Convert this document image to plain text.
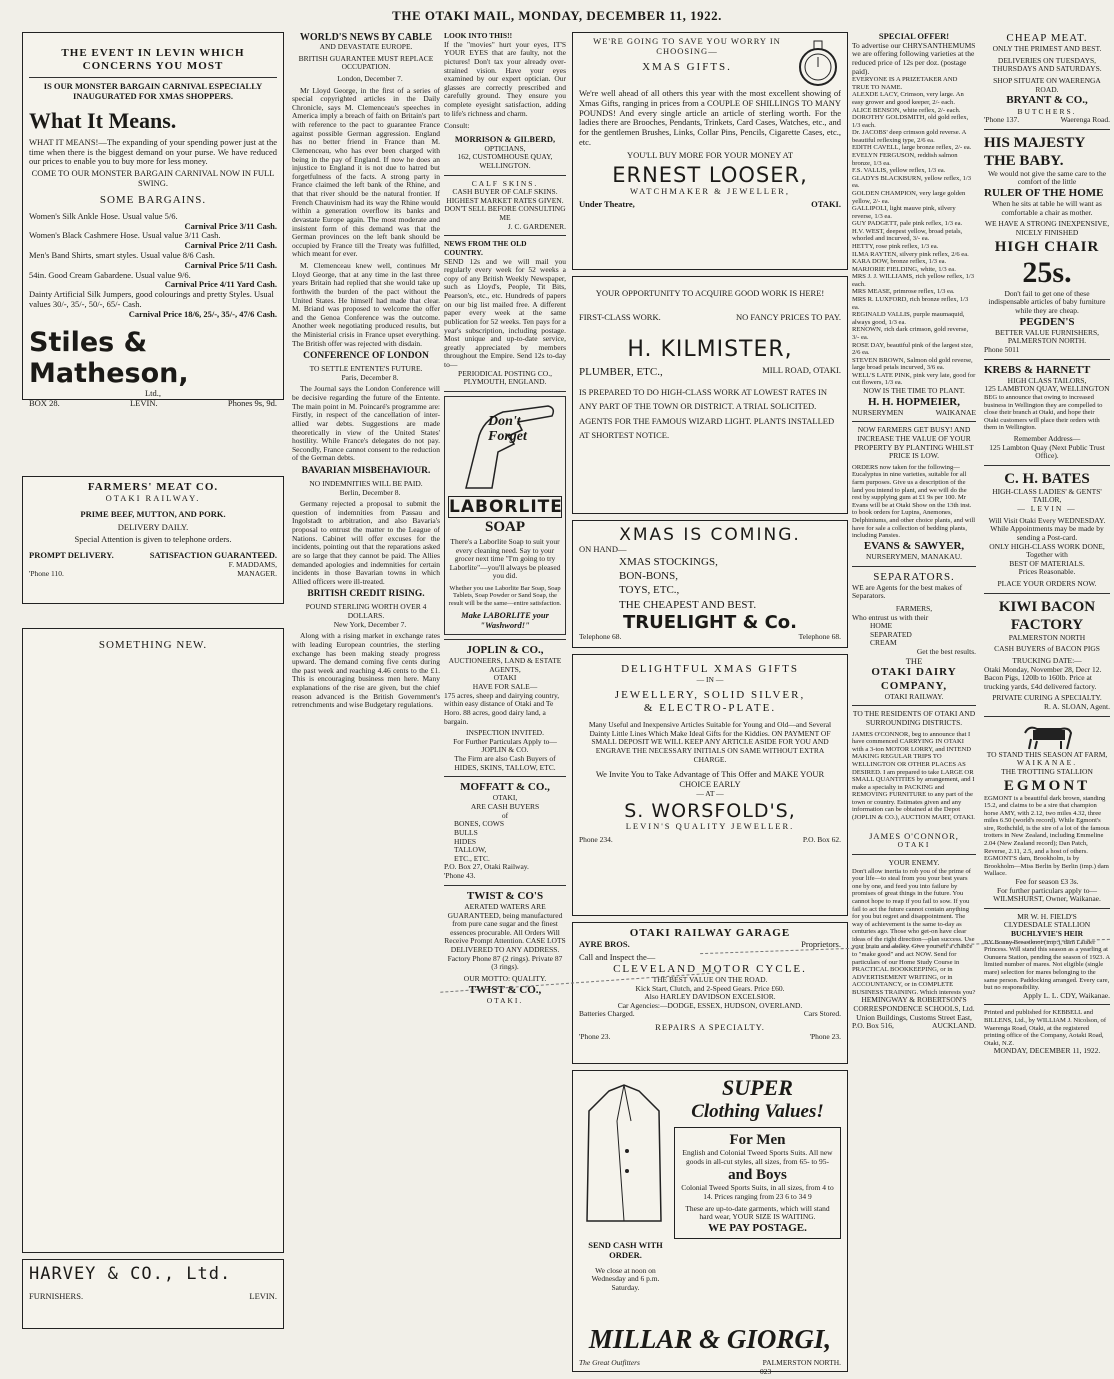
THE OTAKI MAIL, MONDAY, DECEMBER 11, 1922.
THE EVENT IN LEVIN WHICH CONCERNS YOU MOST
IS OUR MONSTER BARGAIN CARNIVAL ESPECIALLY INAUGURATED FOR XMAS SHOPPERS.
What It Means.
WHAT IT MEANS!—The expanding of your spending power just at the time when there is the biggest demand on your purse. We have reduced our prices to enable you to buy more for less money.
COME TO OUR MONSTER BARGAIN CARNIVAL NOW IN FULL SWING.
SOME BARGAINS.
Women's Silk Ankle Hose. Usual value 5/6.
Carnival Price 3/11 Cash.
Women's Black Cashmere Hose. Usual value 3/11 Cash.
Carnival Price 2/11 Cash.
Men's Band Shirts, smart styles. Usual value 8/6 Cash.
Carnival Price 5/11 Cash.
54in. Good Cream Gabardene. Usual value 9/6.
Carnival Price 4/11 Yard Cash.
Dainty Artificial Silk Jumpers, good colourings and pretty Styles. Usual values 30/-, 35/-, 50/-, 65/- Cash.
Carnival Price 18/6, 25/-, 35/-, 47/6 Cash.
Stiles & Matheson,
Ltd.,
BOX 28.	LEVIN.	Phones 9s, 9d.
FARMERS' MEAT CO.
OTAKI RAILWAY.
PRIME BEEF, MUTTON, AND PORK.
DELIVERY DAILY.
Special Attention is given to telephone orders.
PROMPT DELIVERY.	SATISFACTION GUARANTEED.
F. MADDAMS,
'Phone 110.	MANAGER.
SOMETHING NEW.
HARVEY & CO., Ltd.
FURNISHERS.	LEVIN.
WORLD'S NEWS BY CABLE
AND DEVASTATE EUROPE.
BRITISH GUARANTEE MUST REPLACE OCCUPATION.

London, December 7.

Mr Lloyd George, in the first of a series of special copyrighted articles in the Daily Chronicle, says M. Clemenceau's speeches in America imply a breach of faith on Britain's part with reference to the pact to guarantee France against possible German aggression. England has no better friend in France than M. Clemenceau, who has ever been charged with being in the pay of England. If now he does an injustice to England it is not due to hatred but forgetfulness of the facts. A strong party in France claimed the left bank of the Rhine, and that that river should be the natural frontier. If French Chauvinism had its way the Rhine would within a generation overflow its banks and devastate Europe again. The most moderate and insistent form of this demand was that the German provinces on the left bank should be occupied by France till the Treaty was fulfilled, which meant for ever.

M. Clemenceau knew well, continues Mr Lloyd George, that at any time in the last three years Britain had replied that she would take up forthwith the burden of the pact without the United States. He himself had made that clear. M. Briand was proposed to welcome the offer and the Genoa Conference was the outcome. Another week negotiating produced results, but the Ministerial crisis in France upset everything. The British offer was rejected with disdain.

CONFERENCE OF LONDON
TO SETTLE ENTENTE'S FUTURE.

Paris, December 8.

The Journal says the London Conference will be decisive regarding the future of the Entente. The main point in M. Poincaré's programme are: Firstly, in respect of the cancellation of inter-allied war debts. Suggestions are made theoretically in view of the United States' hostility. While France's delegates do not pay. Secondly, France cannot consent to the reduction of the German debts.

BAVARIAN MISBEHAVIOUR.
NO INDEMNITIES WILL BE PAID.

Berlin, December 8.

Germany rejected a proposal to submit the question of indemnities from Passau and Ingolstadt to arbitration, and also Bavaria's proposal to entrust the matter to the League of Nations. Cabinet will offer excuses for the incidents, pointing out that the reparations asked are so large that they cannot be paid. The Allies demanded apologies and indemnities for certain incidents in those Bavarian towns in which Allied officers were ill-treated.

BRITISH CREDIT RISING.
POUND STERLING WORTH OVER 4 DOLLARS.

New York, December 7.

Along with a rising market in exchange rates with leading European countries, the sterling exchange has been making steady progress upward. The demand coming five cents during the past week and reaching 4.46 cents to the £1. This is encouraging business men here. Many explanations of the rise are given, but the chief reason advanced is the British Government's retrenchments and wise Budgetary regulations.

LOOK INTO THIS!!
If the "movies" hurt your eyes, IT'S YOUR EYES that are faulty, not the pictures! Don't tax your already over-strained vision. Have your eyes examined by our expert optician. Our glasses are correctly prescribed and carefully ground. They ensure you complete eyesight satisfaction, adding to life's richness and charm.
Consult:
MORRISON & GILBERD,
OPTICIANS,
162, CUSTOMHOUSE QUAY,
WELLINGTON.
CALF SKINS.
CASH BUYER OF CALF SKINS. HIGHEST MARKET RATES GIVEN. DON'T SELL BEFORE CONSULTING ME
J. C. GARDENER.
NEWS FROM THE OLD COUNTRY.
SEND 12s and we will mail you regularly every week for 52 weeks a copy of any British Weekly Newspaper, such as Lloyd's, People, Tit Bits, Pearson's, etc., etc. Hundreds of papers on our big list mailed free. A different paper every week at the same publication for 52 weeks. Ten pays for a year's subscription, including postage. Most unique and up-to-date service, greatly appreciated by members throughout the Empire. Send 12s to-day to—
PERIODICAL POSTING CO., PLYMOUTH, ENGLAND.
Don't Forget
LABORLITE
SOAP
There's a Laborlite Soap to suit your every cleaning need. Say to your grocer next time "I'm going to try Laborlite"—you'll always be pleased you did.
Whether you use Laborlite Bar Soap, Soap Tablets, Soap Powder or Sand Soap, the result will be the same—entire satisfaction.
Make LABORLITE your "Washword!"
JOPLIN & CO.,
AUCTIONEERS, LAND & ESTATE AGENTS,
OTAKI
HAVE FOR SALE—
175 acres, sheep and dairying country, within easy distance of Otaki and Te Horo. 88 acres, good dairy land, a bargain.
INSPECTION INVITED.
For Further Particulars Apply to—
JOPLIN & CO.
The Firm are also Cash Buyers of HIDES, SKINS, TALLOW, ETC.
MOFFATT & CO.,
OTAKI,
ARE CASH BUYERS
of
BONES, COWS
BULLS
HIDES
TALLOW,
ETC., ETC.
P.O. Box 27, Otaki Railway.
'Phone 43.
TWIST & CO'S
AERATED WATERS ARE GUARANTEED, being manufactured from pure cane sugar and the finest essences procurable. All Orders Will Receive Prompt Attention. CASE LOTS DELIVERED TO ANY ADDRESS.
Factory Phone 87 (2 rings). Private 87 (3 rings).
OUR MOTTO: QUALITY.
TWIST & CO.,
OTAKI.
WE'RE GOING TO SAVE YOU WORRY IN CHOOSING—
XMAS GIFTS.
We're well ahead of all others this year with the most excellent showing of Xmas Gifts, ranging in prices from a COUPLE OF SHILLINGS TO MANY POUNDS! And every single article an article of sterling worth. For the ladies there are Brooches, Pendants, Trinkets, Card Cases, Watches, etc., and for the gentlemen Brushes, Links, Collar Pins, Pencils, Cigarette Cases, etc., etc.
YOU'LL BUY MORE FOR YOUR MONEY AT
ERNEST LOOSER,
WATCHMAKER & JEWELLER,
Under Theatre,	OTAKI.
YOUR OPPORTUNITY TO ACQUIRE GOOD WORK IS HERE!
FIRST-CLASS WORK.	NO FANCY PRICES TO PAY.
H. KILMISTER,
PLUMBER, ETC.,	MILL ROAD, OTAKI.
IS PREPARED TO DO HIGH-CLASS WORK AT LOWEST RATES IN ANY PART OF THE TOWN OR DISTRICT. A TRIAL SOLICITED. AGENTS FOR THE FAMOUS WIZARD LIGHT. PLANTS INSTALLED AT SHORTEST NOTICE.
XMAS IS COMING.
ON HAND—
XMAS STOCKINGS,
BON-BONS,
TOYS, ETC.,
THE CHEAPEST AND BEST.
TRUELIGHT & Co.
Telephone 68.	Telephone 68.
DELIGHTFUL XMAS GIFTS
— IN —
JEWELLERY, SOLID SILVER,
& ELECTRO-PLATE.
Many Useful and Inexpensive Articles Suitable for Young and Old—and Several Dainty Little Lines Which Make Ideal Gifts for the Kiddies. ON PAYMENT OF SMALL DEPOSIT WE WILL KEEP ANY ARTICLE ASIDE FOR YOU AND ENGRAVE THE NECESSARY INITIALS ON SAME WITHOUT EXTRA CHARGE.
We Invite You to Take Advantage of This Offer and MAKE YOUR CHOICE EARLY
— AT —
S. WORSFOLD'S,
LEVIN'S QUALITY JEWELLER.
Phone 234.	P.O. Box 62.
OTAKI RAILWAY GARAGE
AYRE BROS.	Proprietors.
Call and Inspect the—
CLEVELAND MOTOR CYCLE.
THE BEST VALUE ON THE ROAD.
Kick Start, Clutch, and 2-Speed Gears. Price £60.
Also HARLEY DAVIDSON EXCELSIOR.
Car Agencies:—DODGE, ESSEX, HUDSON, OVERLAND.
Batteries Charged.	Cars Stored.
REPAIRS A SPECIALTY.
'Phone 23.	'Phone 23.
SUPER
Clothing Values!
For Men
English and Colonial Tweed Sports Suits. All new goods in all-cut styles, all sizes, from 65- to 95-
and Boys
Colonial Tweed Sports Suits, in all sizes, from 4 to 14. Prices ranging from 23 6 to 34 9
These are up-to-date garments, which will stand hard wear, YOUR SIZE IS WAITING.
WE PAY POSTAGE.
SEND CASH WITH ORDER.
We close at noon on Wednesday and 6 p.m. Saturday.
MILLAR & GIORGI,
The Great Outfitters	PALMERSTON NORTH.
SPECIAL OFFER!
To advertise our CHRYSANTHEMUMS we are offering following varieties at the reduced price of 12s per doz. (postage paid).
EVERYONE IS A PRIZETAKER AND TRUE TO NAME.
ALEXDE LACY, Crimson, very large. An easy grower and good keeper, 2/- each.
ALICE BENSON, white reflex, 2/- each.
DOROTHY GOLDSMITH, old gold reflex, 1/3 each.
Dr. JACOBS' deep crimson gold reverse. A beautiful reflexing type, 2/6 ea.
EDITH CAVELL, large bronze reflex, 2/- ea.
EVELYN FERGUSON, reddish salmon bronze, 1/3 ea.
F.S. VALLIS, yellow reflex, 1/3 ea.
GLADYS BLACKBURN, yellow reflex, 1/3 ea.
GOLDEN CHAMPION, very large golden yellow, 2/- ea.
GALLIPOLI, light mauve pink, silvery reverse, 1/3 ea.
GUY PADGETT, pale pink reflex, 1/3 ea.
H.V. WEST, deepest yellow, broad petals, whorled and incurved, 3/- ea.
HETTY, rose pink reflex, 1/3 ea.
ILMA RAYTEN, silvery pink reflex, 2/6 ea.
KARA DOW, bronze reflex, 1/3 ea.
MARJORIE FIELDING, white, 1/3 ea.
MRS J. J. WILLIAMS, rich yellow reflex, 1/3 each.
MRS MEASE, primrose reflex, 1/3 ea.
MRS R. LUXFORD, rich bronze reflex, 1/3 ea.
REGINALD VALLIS, purple maumaquid, always good, 1/3 ea.
RENOWN, rich dark crimson, gold reverse, 3/- ea.
ROSE DAY, beautiful pink of the largest size, 2/6 ea.
STEVEN BROWN, Salmon old gold reverse, large broad petals incurved, 3/6 ea.
WELL'S LATE PINK, pink very late, good for cut flowers, 1/3 ea.
NOW IS THE TIME TO PLANT.
H. H. HOPMEIER,
NURSERYMEN	WAIKANAE
NOW FARMERS GET BUSY! AND INCREASE THE VALUE OF YOUR PROPERTY BY PLANTING WHILST PRICE IS LOW.
ORDERS now taken for the following—Eucalyptus in nine varieties, suitable for all farm purposes. Give us a description of the land you intend to plant, and we will do the rest by supplying gum at £1 9s per 100. Mr Evans will be at Otaki Show on the 13th inst. to book orders for Lupins, Anemones, Delphiniums, and other choice plants, and will have for sale a collection of bedding plants, including Pansies.
EVANS & SAWYER,
NURSERYMEN, MANAKAU.
SEPARATORS.
WE are Agents for the best makes of Separators.
FARMERS,
Who entrust us with their
HOME
SEPARATED
CREAM
Get the best results.
THE
OTAKI DAIRY COMPANY,
OTAKI RAILWAY.
TO THE RESIDENTS OF OTAKI AND SURROUNDING DISTRICTS.
JAMES O'CONNOR, beg to announce that I have commenced CARRYING IN OTAKI with a 3-ton MOTOR LORRY, and INTEND MAKING REGULAR TRIPS TO WELLINGTON OR OTHER PLACES AS DESIRED. I am prepared to take LARGE OR SMALL QUANTITIES by arrangement, and I make a specialty in PACKING and REMOVING FURNITURE to any part of the town or country. Estimates given and any information can be obtained at the Depot (JOPLIN & CO.), AUCTION MART, OTAKI.
JAMES O'CONNOR,
OTAKI
YOUR ENEMY.
Don't allow inertia to rob you of the prime of your life—to steal from you your best years one by one, and feed you into failure by promises of great things in the future. You cannot hope to reap if you fail to sow. If you fail to act the future cannot contain anything for you but regret and disappointment. The way of achievement is the same to-day as centuries ago. Those who get-on have clear ideas of the right direction—plan success. Use your brain and ability. Give yourself a chance to "make good" and act NOW. Send for particulars of our Home Study Course in PRACTICAL BOOKKEEPING, or in ADVERTISEMENT WRITING, or in ACCOUNTANCY, or in COMPLETE BUSINESS TRAINING. Which interests you?
HEMINGWAY & ROBERTSON'S CORRESPONDENCE SCHOOLS, Ltd.
Union Buildings, Customs Street East,
P.O. Box 516,	AUCKLAND.
CHEAP MEAT.
ONLY THE PRIMEST AND BEST.
DELIVERIES ON TUESDAYS, THURSDAYS AND SATURDAYS.
SHOP SITUATE ON WAERENGA ROAD.
BRYANT & CO.,
BUTCHERS.
'Phone 137.	Waerenga Road.
HIS MAJESTY
THE BABY.
We would not give the same care to the comfort of the little
RULER OF THE HOME
When he sits at table he will want as comfortable a chair as mother.
WE HAVE A STRONG INEXPENSIVE, NICELY FINISHED
HIGH CHAIR
25s.
Don't fail to get one of these indispensable articles of baby furniture while they are cheap.
PEGDEN'S
BETTER VALUE FURNISHERS,
PALMERSTON NORTH.
Phone 5011
KREBS & HARNETT
HIGH CLASS TAILORS,
125 LAMBTON QUAY, WELLINGTON
BEG to announce that owing to increased business in Wellington they are compelled to close their branch at Otaki, and hope their Otaki customers will place their orders with them in Wellington.
Remember Address—
125 Lambton Quay (Next Public Trust Office).
C. H. BATES
HIGH-CLASS LADIES' & GENTS' TAILOR,
— LEVIN —
Will Visit Otaki Every WEDNESDAY.
While Appointments may be made by sending a Post-card.
ONLY HIGH-CLASS WORK DONE,
Together with
BEST OF MATERIALS.
Prices Reasonable.
PLACE YOUR ORDERS NOW.
KIWI BACON FACTORY
PALMERSTON NORTH
CASH BUYERS of BACON PIGS
TRUCKING DATE:—
Otaki Monday, November 28, Decr 12. Bacon Pigs, 120lb to 160lb. Price at trucking yards, £4d delivered factory.
PRIVATE CURING A SPECIALTY.
R. A. SLOAN, Agent.
TO STAND THIS SEASON AT FARM,
WAIKANAE.
THE TROTTING STALLION
EGMONT
EGMONT is a beautiful dark brown, standing 15.2, and claims to be a sire that champion horse AMY, with 2.12, two miles 4.32, three miles 6.50 (world's record). While Egmont's sire, Rothchild, is the sire of a lot of the famous trotters in New Zealand, including Emmeline 2.04 (New Zealand record); Dan Patch, Reverse, 2.11, 2.5, and a host of others.
EGMONT'S dam, Brookholm, is by Brookholm—Miss Berlin by Berlin (imp.) dam Wallace.
Fee for season £3 3s.
For further particulars apply to—
WILMSHURST, Owner, Waikanae.
MR W. H. FIELD'S
CLYDESDALE STALLION
BUCHLYVIE'S HEIR
BY Bonny Breastknot (imp.), dam Lauder Princess. Will stand this season as a yearling at Ounuera Station, pending the season of 1923. A limited number of mares. Not eligible (single mare) selection for mares belonging to the same person. Paddocking arranged. Every care, but no responsibility.
Apply L. L. CDY, Waikanae.
Printed and published for KEBBELL and BILLENS, Ltd., by WILLIAM J. Nicolson, of Waerenga Road, Otaki, at the registered printing office of the Company, Aotaki Road, Otaki, N.Z.
MONDAY, DECEMBER 11, 1922.
023
